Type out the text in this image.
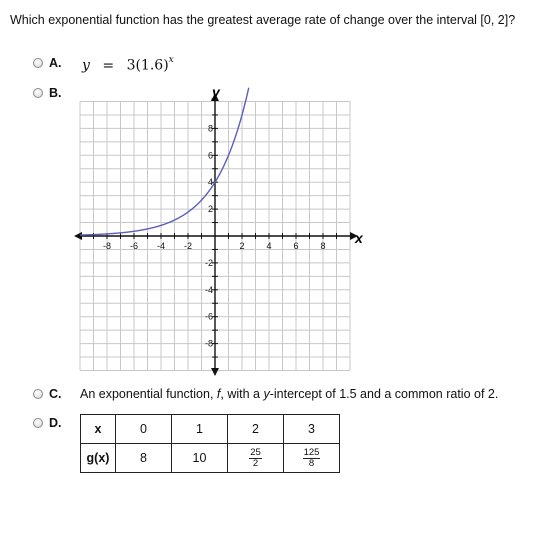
Which exponential function has the greatest average rate of change over the interval [0, 2]?
A. $y = 3(1.6)^x$
B.
-8 -6 -4 -2	2 4 6 8
8
6
4
2
-2
-4
-6
-8
x
y
C. An exponential function, f, with a y-intercept of 1.5 and a common ratio of 2.
D.	x	0	1	2	3
g(x)	8	10	$\frac{25}{2}$	$\frac{125}{8}$
